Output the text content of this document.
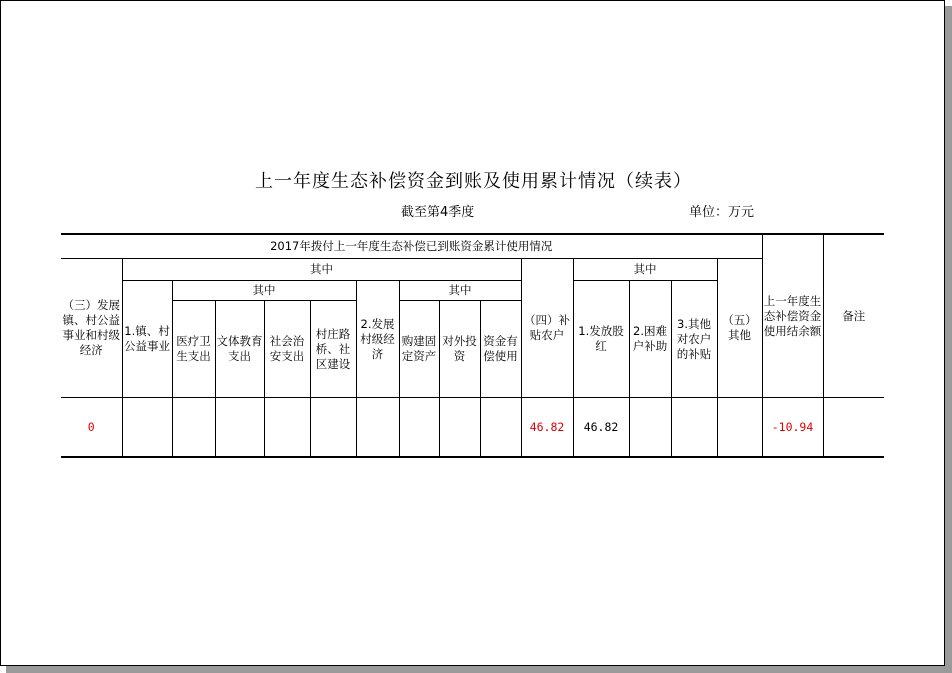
上一年度生态补偿资金到账及使用累计情况（续表）
截至第4季度	单位：万元
2017年拨付上一年度生态补偿已到账资金累计使用情况															上一年度生态补偿资金使用结余额	备注
（三）发展镇、村公益事业和村级经济	其中									（四）补贴农户	其中			（五）其他		
	1.镇、村公益事业	其中				2.发展村级经济	其中				1.发放股红	2.困难户补助	3.其他对农户的补贴			
		医疗卫生支出	文体教育支出	社会治安支出	村庄路桥、社区建设		购建固定资产	对外投资	资金有偿使用							
0										46.82	46.82				-10.94	
